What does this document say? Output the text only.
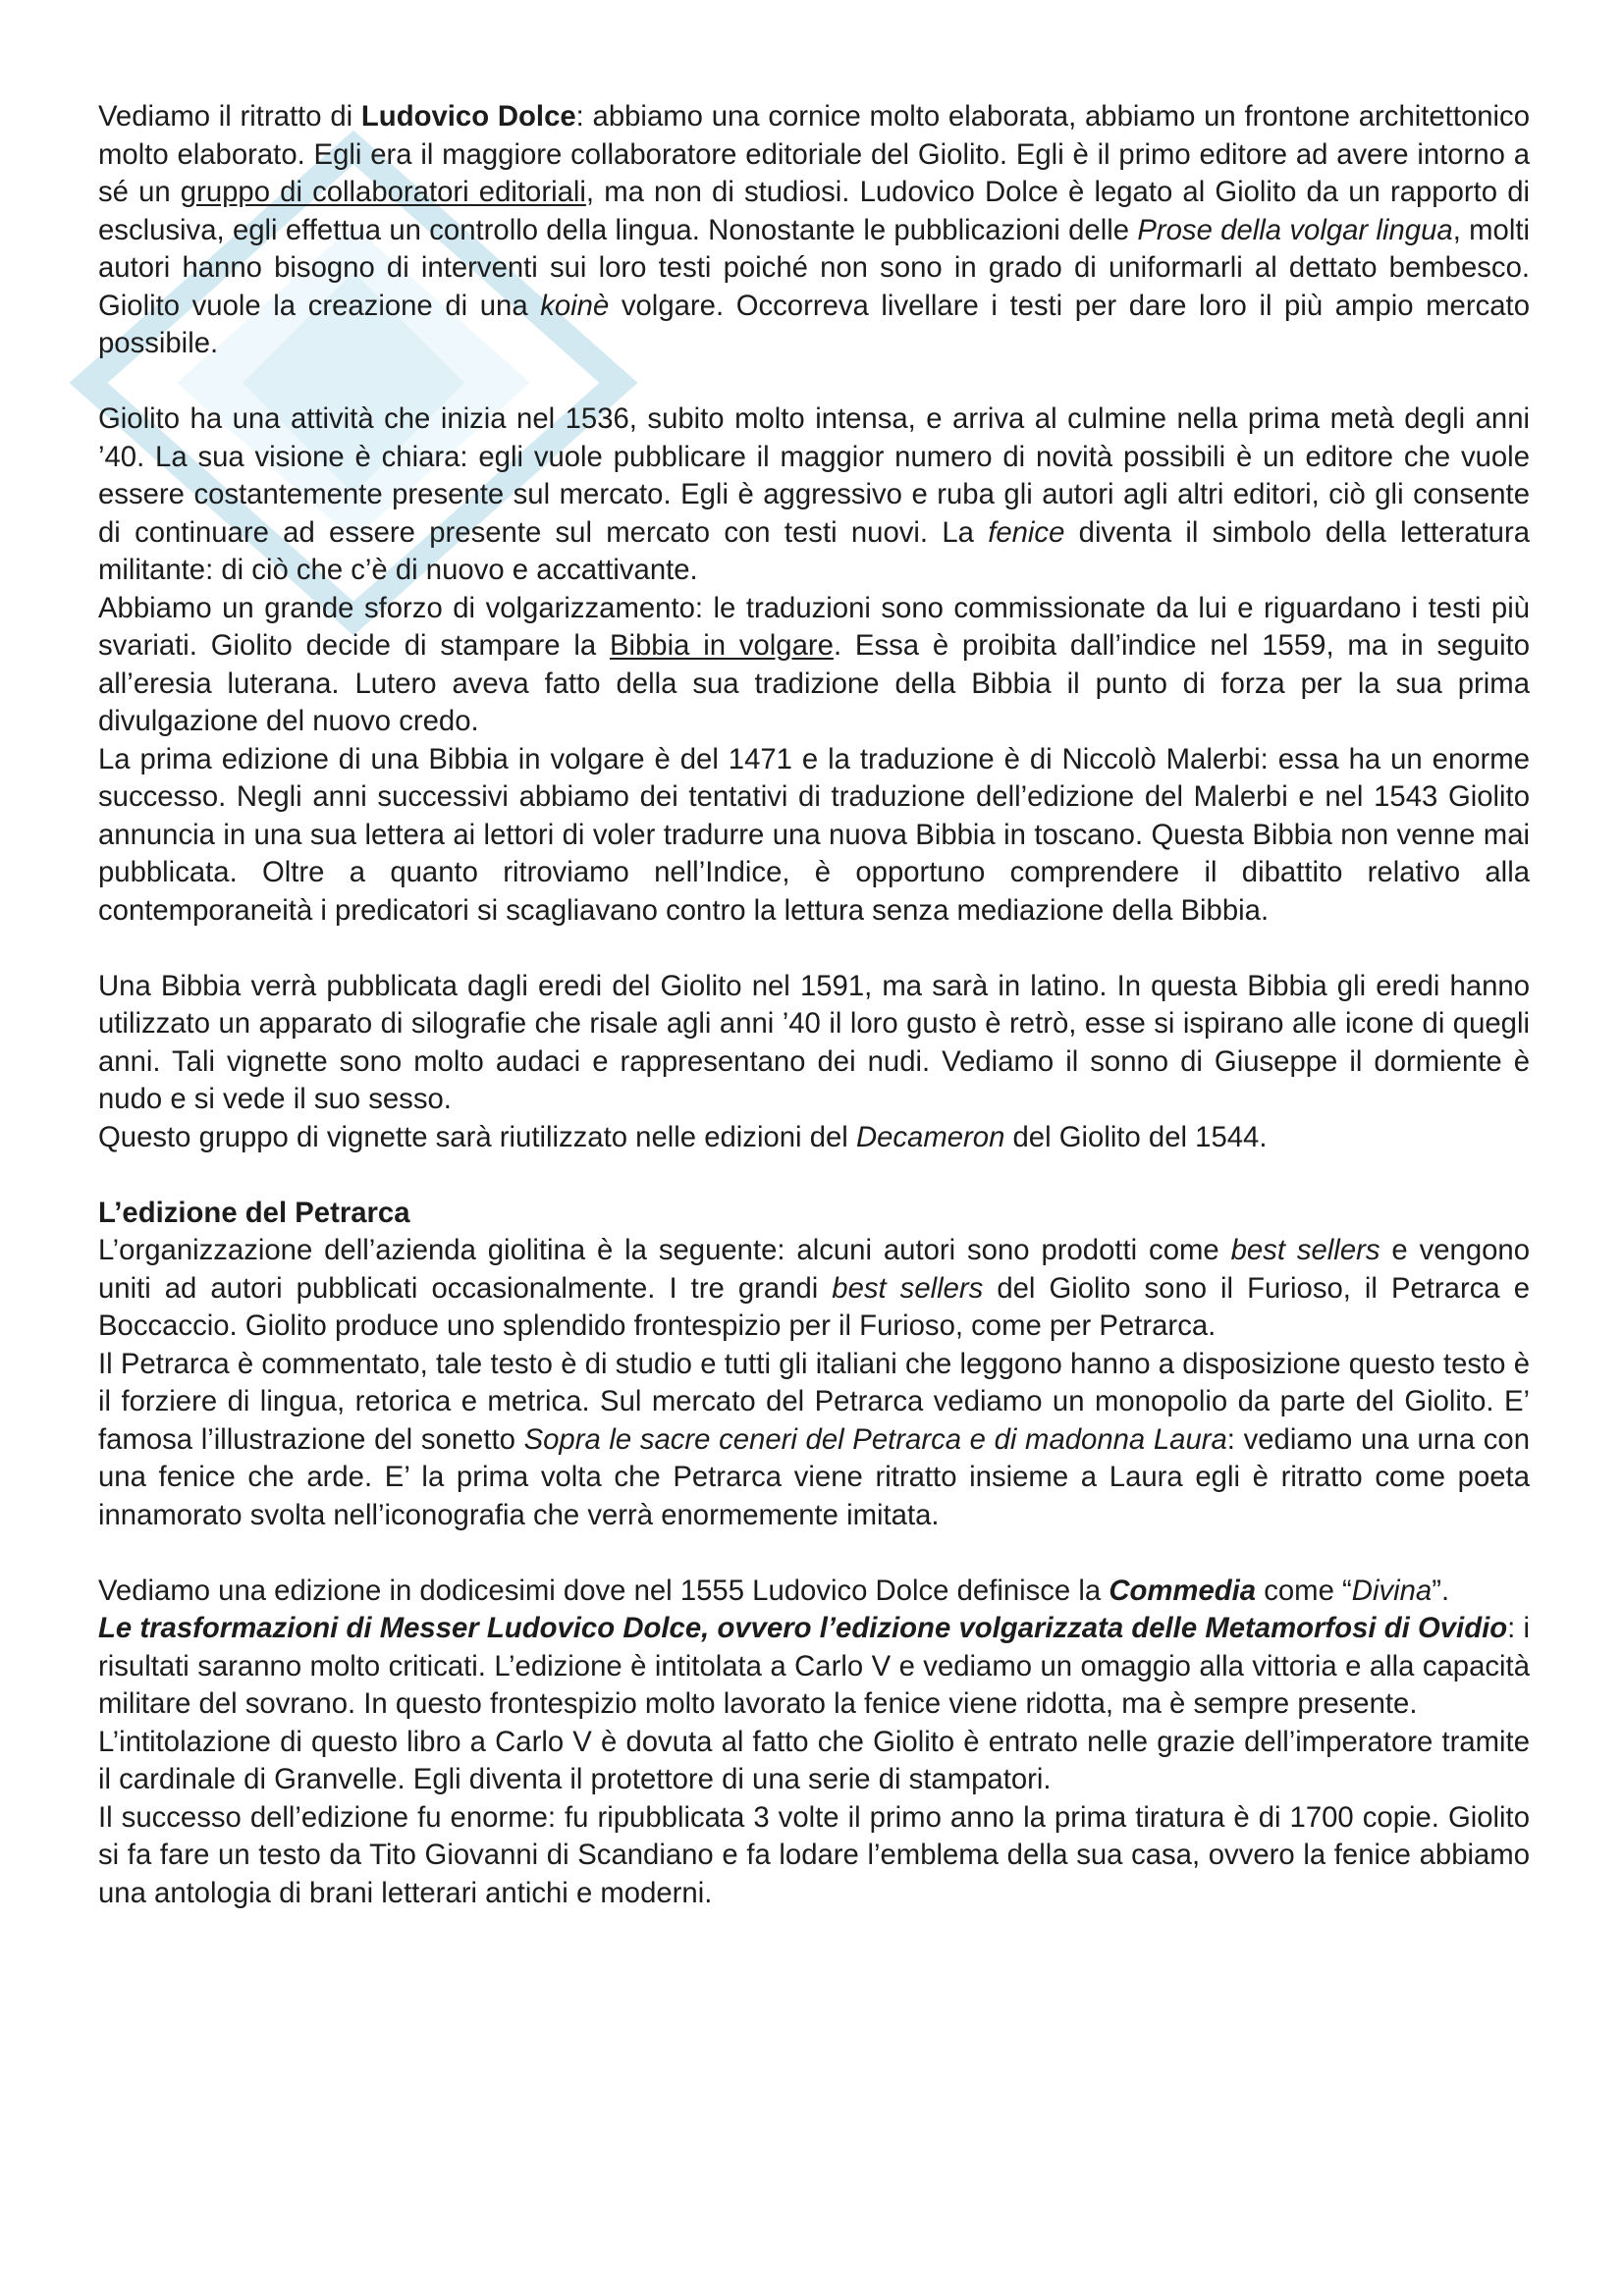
Vediamo il ritratto di Ludovico Dolce: abbiamo una cornice molto elaborata, abbiamo un frontone architettonico molto elaborato. Egli era il maggiore collaboratore editoriale del Giolito. Egli è il primo editore ad avere intorno a sé un gruppo di collaboratori editoriali, ma non di studiosi. Ludovico Dolce è legato al Giolito da un rapporto di esclusiva, egli effettua un controllo della lingua. Nonostante le pubblicazioni delle Prose della volgar lingua, molti autori hanno bisogno di interventi sui loro testi poiché non sono in grado di uniformarli al dettato bembesco. Giolito vuole la creazione di una koinè volgare. Occorreva livellare i testi per dare loro il più ampio mercato possibile.

Giolito ha una attività che inizia nel 1536, subito molto intensa, e arriva al culmine nella prima metà degli anni ’40. La sua visione è chiara: egli vuole pubblicare il maggior numero di novità possibili è un editore che vuole essere costantemente presente sul mercato. Egli è aggressivo e ruba gli autori agli altri editori, ciò gli consente di continuare ad essere presente sul mercato con testi nuovi. La fenice diventa il simbolo della letteratura militante: di ciò che c’è di nuovo e accattivante.

Abbiamo un grande sforzo di volgarizzamento: le traduzioni sono commissionate da lui e riguardano i testi più svariati. Giolito decide di stampare la Bibbia in volgare. Essa è proibita dall’indice nel 1559, ma in seguito all’eresia luterana. Lutero aveva fatto della sua tradizione della Bibbia il punto di forza per la sua prima divulgazione del nuovo credo.

La prima edizione di una Bibbia in volgare è del 1471 e la traduzione è di Niccolò Malerbi: essa ha un enorme successo. Negli anni successivi abbiamo dei tentativi di traduzione dell’edizione del Malerbi e nel 1543 Giolito annuncia in una sua lettera ai lettori di voler tradurre una nuova Bibbia in toscano. Questa Bibbia non venne mai pubblicata. Oltre a quanto ritroviamo nell’Indice, è opportuno comprendere il dibattito relativo alla contemporaneità i predicatori si scagliavano contro la lettura senza mediazione della Bibbia.

Una Bibbia verrà pubblicata dagli eredi del Giolito nel 1591, ma sarà in latino. In questa Bibbia gli eredi hanno utilizzato un apparato di silografie che risale agli anni ’40 il loro gusto è retrò, esse si ispirano alle icone di quegli anni. Tali vignette sono molto audaci e rappresentano dei nudi. Vediamo il sonno di Giuseppe il dormiente è nudo e si vede il suo sesso.

Questo gruppo di vignette sarà riutilizzato nelle edizioni del Decameron del Giolito del 1544.

L’edizione del Petrarca

L’organizzazione dell’azienda giolitina è la seguente: alcuni autori sono prodotti come best sellers e vengono uniti ad autori pubblicati occasionalmente. I tre grandi best sellers del Giolito sono il Furioso, il Petrarca e Boccaccio. Giolito produce uno splendido frontespizio per il Furioso, come per Petrarca.

Il Petrarca è commentato, tale testo è di studio e tutti gli italiani che leggono hanno a disposizione questo testo è il forziere di lingua, retorica e metrica. Sul mercato del Petrarca vediamo un monopolio da parte del Giolito. E’ famosa l’illustrazione del sonetto Sopra le sacre ceneri del Petrarca e di madonna Laura: vediamo una urna con una fenice che arde. E’ la prima volta che Petrarca viene ritratto insieme a Laura egli è ritratto come poeta innamorato svolta nell’iconografia che verrà enormemente imitata.

Vediamo una edizione in dodicesimi dove nel 1555 Ludovico Dolce definisce la Commedia come “Divina”.

Le trasformazioni di Messer Ludovico Dolce, ovvero l’edizione volgarizzata delle Metamorfosi di Ovidio: i risultati saranno molto criticati. L’edizione è intitolata a Carlo V e vediamo un omaggio alla vittoria e alla capacità militare del sovrano. In questo frontespizio molto lavorato la fenice viene ridotta, ma è sempre presente.

L’intitolazione di questo libro a Carlo V è dovuta al fatto che Giolito è entrato nelle grazie dell’imperatore tramite il cardinale di Granvelle. Egli diventa il protettore di una serie di stampatori.

Il successo dell’edizione fu enorme: fu ripubblicata 3 volte il primo anno la prima tiratura è di 1700 copie. Giolito si fa fare un testo da Tito Giovanni di Scandiano e fa lodare l’emblema della sua casa, ovvero la fenice abbiamo una antologia di brani letterari antichi e moderni.
